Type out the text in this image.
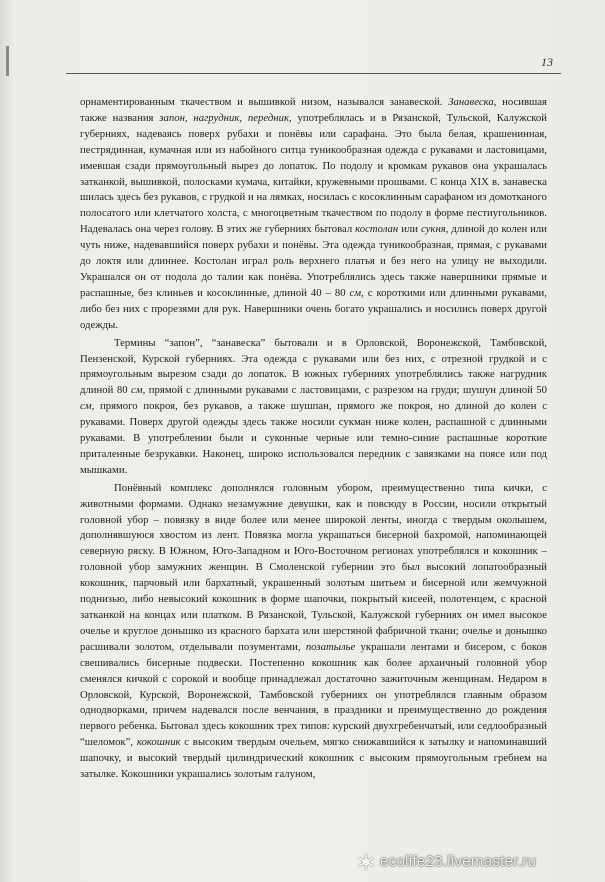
13

орнаментированным ткачеством и вышивкой низом, назывался занавеской. Занавеска, носившая также названия запон, нагрудник, передник, употреблялась и в Рязанской, Тульской, Калужской губерниях, надеваясь поверх рубахи и понёвы или сарафана. Это была белая, крашенинная, пестрядинная, кумачная или из набойного ситца туникообразная одежда с рукавами и ластовицами, имевшая сзади прямоугольный вырез до лопаток. По подолу и кромкам рукавов она украшалась затканкой, вышивкой, полосками кумача, китайки, кружевными прошвами. С конца XIX в. занавеска шилась здесь без рукавов, с грудкой и на лямках, носилась с косоклинным сарафаном из домотканого полосатого или клетчатого холста, с многоцветным ткачеством по подолу в форме пестиугольников. Надевалась она через голову. В этих же губерниях бытовал костолан или сукня, длиной до колен или чуть ниже, надевавшийся поверх рубахи и понёвы. Эта одежда туникообразная, прямая, с рукавами до локтя или длиннее. Костолан играл роль верхнего платья и без него на улицу не выходили. Украшался он от подола до талии как понёва. Употреблялись здесь также навершники прямые и распашные, без клиньев и косоклинные, длиной 40 – 80 см, с короткими или длинными рукавами, либо без них с прорезями для рук. Навершники очень богато украшались и носились поверх другой одежды.

Термины “запон”, “занавеска” бытовали и в Орловской, Воронежской, Тамбовской, Пензенской, Курской губерниях. Эта одежда с рукавами или без них, с отрезной грудкой и с прямоугольным вырезом сзади до лопаток. В южных губерниях употреблялись также нагрудник длиной 80 см, прямой с длинными рукавами с ластовицами, с разрезом на груди; шушун длиной 50 см, прямого покроя, без рукавов, а также шушпан, прямого же покроя, но длиной до колен с рукавами. Поверх другой одежды здесь также носили сукман ниже колен, распашной с длинными рукавами. В употреблении были и суконные черные или темно-синие распашные короткие приталенные безрукавки. Наконец, широко использовался передник с завязками на поясе или под мышками.

Понёвный комплекс дополнялся головным убором, преимущественно типа кички, с животными формами. Однако незамужние девушки, как и повсюду в России, носили открытый головной убор – повязку в виде более или менее широкой ленты, иногда с твердым околышем, дополнявшуюся хвостом из лент. Повязка могла украшаться бисерной бахромой, напоминающей северную ряску. В Южном, Юго-Западном и Юго-Восточном регионах употреблялся и кокошник – головной убор замужних женщин. В Смоленской губернии это был высокий лопатообразный кокошник, парчовый или бархатный, украшенный золотым шитьем и бисерной или жемчужной поднизью, либо невысокий кокошник в форме шапочки, покрытый кисеей, полотенцем, с красной затканкой на концах или платком. В Рязанской, Тульской, Калужской губерниях он имел высокое очелье и круглое донышко из красного бархата или шерстяной фабричной ткани; очелье и донышко расшивали золотом, отделывали позументами, позатылье украшали лентами и бисером, с боков свешивались бисерные подвески. Постепенно кокошник как более архаичный головной убор сменялся кичкой с сорокой и вообще принадлежал достаточно зажиточным женщинам. Недаром в Орловской, Курской, Воронежской, Тамбовской губерниях он употреблялся главным образом однодворками, причем надевался после венчания, в праздники и преимущественно до рождения первого ребенка. Бытовал здесь кокошник трех типов: курский двухгребенчатый, или седлообразный “шеломок”, кокошник с высоким твердым очельем, мягко снижавшийся к затылку и напоминавший шапочку, и высокий твердый цилиндрический кокошник с высоким прямоугольным гребнем на затылке. Кокошники украшались золотым галуном,

ecolife23.livemaster.ru
